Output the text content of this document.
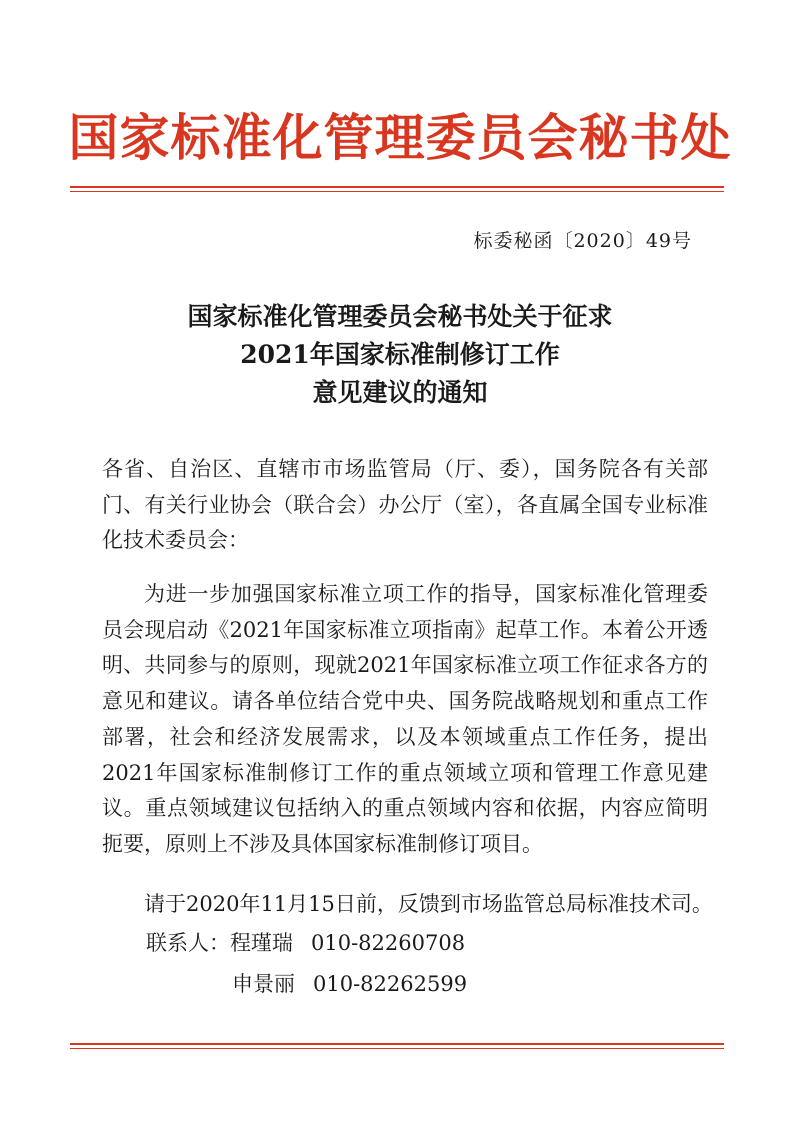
国家标准化管理委员会秘书处
标委秘函〔2020〕49号
国家标准化管理委员会秘书处关于征求
2021年国家标准制修订工作
意见建议的通知
各省、自治区、直辖市市场监管局（厅、委），国务院各有关部门、有关行业协会（联合会）办公厅（室），各直属全国专业标准化技术委员会：
为进一步加强国家标准立项工作的指导，国家标准化管理委员会现启动《2021年国家标准立项指南》起草工作。本着公开透明、共同参与的原则，现就2021年国家标准立项工作征求各方的意见和建议。请各单位结合党中央、国务院战略规划和重点工作部署，社会和经济发展需求，以及本领域重点工作任务，提出2021年国家标准制修订工作的重点领域立项和管理工作意见建议。重点领域建议包括纳入的重点领域内容和依据，内容应简明扼要，原则上不涉及具体国家标准制修订项目。
请于2020年11月15日前，反馈到市场监管总局标准技术司。
联系人：程瑾瑞 010-82260708
申景丽 010-82262599
